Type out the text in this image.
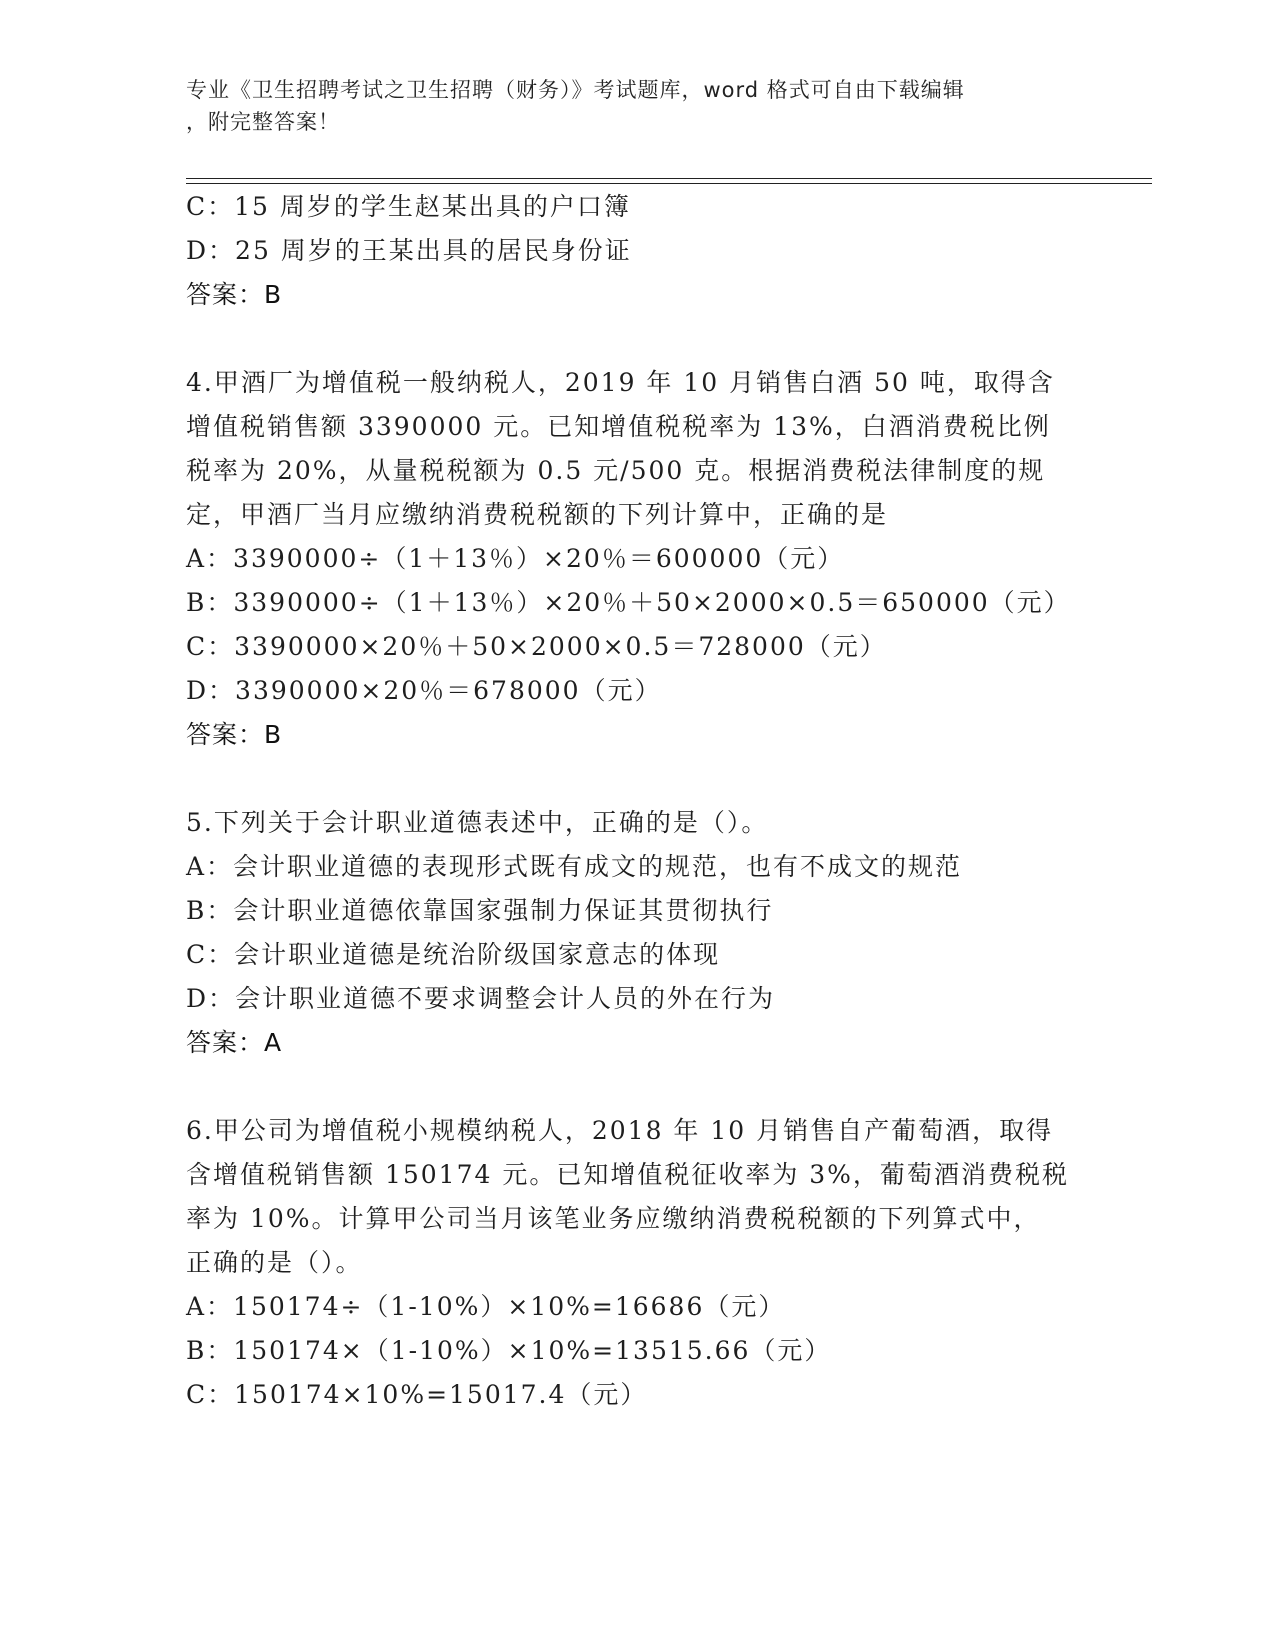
专业《卫生招聘考试之卫生招聘（财务）》考试题库，word 格式可自由下载编辑
，附完整答案！
C：15 周岁的学生赵某出具的户口簿
D：25 周岁的王某出具的居民身份证
答案：B
4.甲酒厂为增值税一般纳税人，2019 年 10 月销售白酒 50 吨，取得含
增值税销售额 3390000 元。已知增值税税率为 13%，白酒消费税比例
税率为 20%，从量税税额为 0.5 元/500 克。根据消费税法律制度的规
定，甲酒厂当月应缴纳消费税税额的下列计算中，正确的是
A：3390000÷（1＋13％）×20％＝600000（元）
B：3390000÷（1＋13％）×20％＋50×2000×0.5＝650000（元）
C：3390000×20％＋50×2000×0.5＝728000（元）
D：3390000×20％＝678000（元）
答案：B
5.下列关于会计职业道德表述中，正确的是（）。
A：会计职业道德的表现形式既有成文的规范，也有不成文的规范
B：会计职业道德依靠国家强制力保证其贯彻执行
C：会计职业道德是统治阶级国家意志的体现
D：会计职业道德不要求调整会计人员的外在行为
答案：A
6.甲公司为增值税小规模纳税人，2018 年 10 月销售自产葡萄酒，取得
含增值税销售额 150174 元。已知增值税征收率为 3%，葡萄酒消费税税
率为 10%。计算甲公司当月该笔业务应缴纳消费税税额的下列算式中，
正确的是（）。
A：150174÷（1-10%）×10%=16686（元）
B：150174×（1-10%）×10%=13515.66（元）
C：150174×10%=15017.4（元）
